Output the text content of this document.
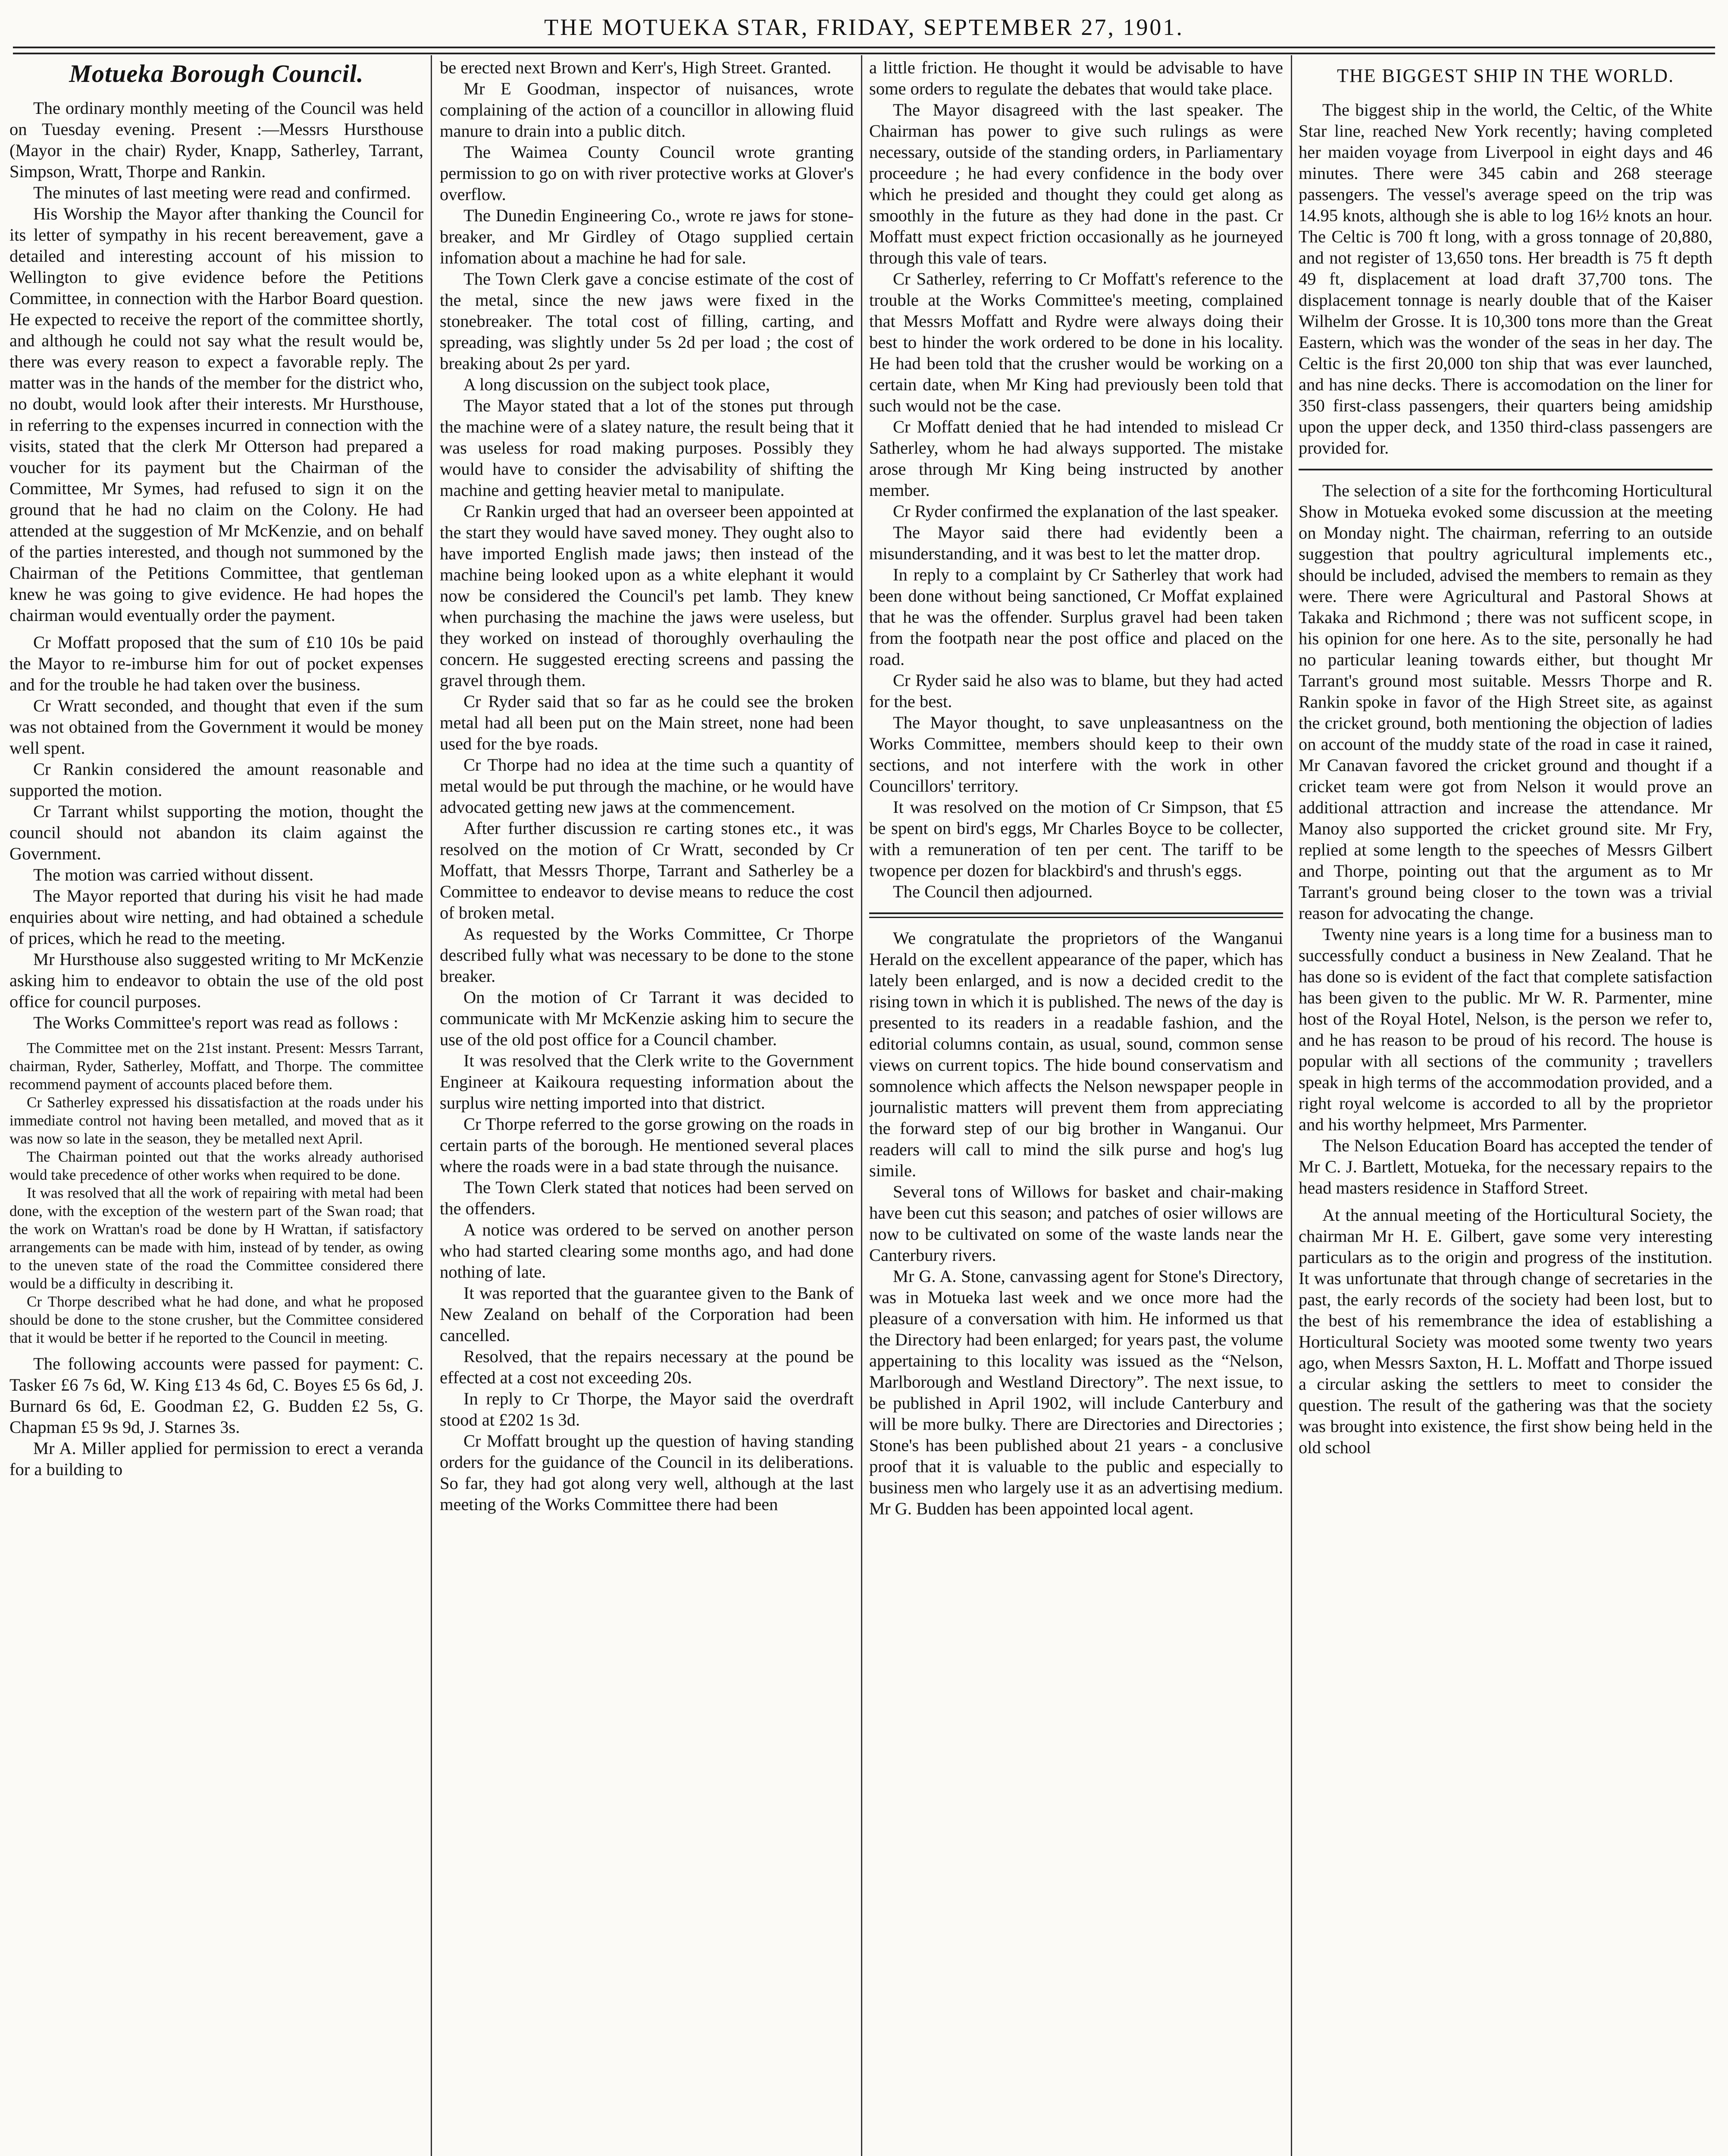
THE MOTUEKA STAR, FRIDAY, SEPTEMBER 27, 1901.
Motueka Borough Council.

The ordinary monthly meeting of the Council was held on Tuesday evening. Present :—Messrs Hursthouse (Mayor in the chair) Ryder, Knapp, Satherley, Tarrant, Simpson, Wratt, Thorpe and Rankin.

The minutes of last meeting were read and confirmed.

His Worship the Mayor after thanking the Council for its letter of sympathy in his recent bereavement, gave a detailed and interesting account of his mission to Wellington to give evidence before the Petitions Committee, in connection with the Harbor Board question. He expected to receive the report of the committee shortly, and although he could not say what the result would be, there was every reason to expect a favorable reply. The matter was in the hands of the member for the district who, no doubt, would look after their interests. Mr Hursthouse, in referring to the expenses incurred in connection with the visits, stated that the clerk Mr Otterson had prepared a voucher for its payment but the Chairman of the Committee, Mr Symes, had refused to sign it on the ground that he had no claim on the Colony. He had attended at the suggestion of Mr McKenzie, and on behalf of the parties interested, and though not summoned by the Chairman of the Petitions Committee, that gentleman knew he was going to give evidence. He had hopes the chairman would eventually order the payment.

Cr Moffatt proposed that the sum of £10 10s be paid the Mayor to re-imburse him for out of pocket expenses and for the trouble he had taken over the business.

Cr Wratt seconded, and thought that even if the sum was not obtained from the Government it would be money well spent.

Cr Rankin considered the amount reasonable and supported the motion.

Cr Tarrant whilst supporting the motion, thought the council should not abandon its claim against the Government.

The motion was carried without dissent.

The Mayor reported that during his visit he had made enquiries about wire netting, and had obtained a schedule of prices, which he read to the meeting.

Mr Hursthouse also suggested writing to Mr McKenzie asking him to endeavor to obtain the use of the old post office for council purposes.

The Works Committee's report was read as follows :

The Committee met on the 21st instant. Present: Messrs Tarrant, chairman, Ryder, Satherley, Moffatt, and Thorpe. The committee recommend payment of accounts placed before them.

Cr Satherley expressed his dissatisfaction at the roads under his immediate control not having been metalled, and moved that as it was now so late in the season, they be metalled next April.

The Chairman pointed out that the works already authorised would take precedence of other works when required to be done.

It was resolved that all the work of repairing with metal had been done, with the exception of the western part of the Swan road; that the work on Wrattan's road be done by H Wrattan, if satisfactory arrangements can be made with him, instead of by tender, as owing to the uneven state of the road the Committee considered there would be a difficulty in describing it.

Cr Thorpe described what he had done, and what he proposed should be done to the stone crusher, but the Committee considered that it would be better if he reported to the Council in meeting.

The following accounts were passed for payment: C. Tasker £6 7s 6d, W. King £13 4s 6d, C. Boyes £5 6s 6d, J. Burnard 6s 6d, E. Goodman £2, G. Budden £2 5s, G. Chapman £5 9s 9d, J. Starnes 3s.

Mr A. Miller applied for permission to erect a veranda for a building to

be erected next Brown and Kerr's, High Street. Granted.

Mr E Goodman, inspector of nuisances, wrote complaining of the action of a councillor in allowing fluid manure to drain into a public ditch.

The Waimea County Council wrote granting permission to go on with river protective works at Glover's overflow.

The Dunedin Engineering Co., wrote re jaws for stone-breaker, and Mr Girdley of Otago supplied certain infomation about a machine he had for sale.

The Town Clerk gave a concise estimate of the cost of the metal, since the new jaws were fixed in the stonebreaker. The total cost of filling, carting, and spreading, was slightly under 5s 2d per load ; the cost of breaking about 2s per yard.

A long discussion on the subject took place,

The Mayor stated that a lot of the stones put through the machine were of a slatey nature, the result being that it was useless for road making purposes. Possibly they would have to consider the advisability of shifting the machine and getting heavier metal to manipulate.

Cr Rankin urged that had an overseer been appointed at the start they would have saved money. They ought also to have imported English made jaws; then instead of the machine being looked upon as a white elephant it would now be considered the Council's pet lamb. They knew when purchasing the machine the jaws were useless, but they worked on instead of thoroughly overhauling the concern. He suggested erecting screens and passing the gravel through them.

Cr Ryder said that so far as he could see the broken metal had all been put on the Main street, none had been used for the bye roads.

Cr Thorpe had no idea at the time such a quantity of metal would be put through the machine, or he would have advocated getting new jaws at the commencement.

After further discussion re carting stones etc., it was resolved on the motion of Cr Wratt, seconded by Cr Moffatt, that Messrs Thorpe, Tarrant and Satherley be a Committee to endeavor to devise means to reduce the cost of broken metal.

As requested by the Works Committee, Cr Thorpe described fully what was necessary to be done to the stone breaker.

On the motion of Cr Tarrant it was decided to communicate with Mr McKenzie asking him to secure the use of the old post office for a Council chamber.

It was resolved that the Clerk write to the Government Engineer at Kaikoura requesting information about the surplus wire netting imported into that district.

Cr Thorpe referred to the gorse growing on the roads in certain parts of the borough. He mentioned several places where the roads were in a bad state through the nuisance.

The Town Clerk stated that notices had been served on the offenders.

A notice was ordered to be served on another person who had started clearing some months ago, and had done nothing of late.

It was reported that the guarantee given to the Bank of New Zealand on behalf of the Corporation had been cancelled.

Resolved, that the repairs necessary at the pound be effected at a cost not exceeding 20s.

In reply to Cr Thorpe, the Mayor said the overdraft stood at £202 1s 3d.

Cr Moffatt brought up the question of having standing orders for the guidance of the Council in its deliberations. So far, they had got along very well, although at the last meeting of the Works Committee there had been

a little friction. He thought it would be advisable to have some orders to regulate the debates that would take place.

The Mayor disagreed with the last speaker. The Chairman has power to give such rulings as were necessary, outside of the standing orders, in Parliamentary proceedure ; he had every confidence in the body over which he presided and thought they could get along as smoothly in the future as they had done in the past. Cr Moffatt must expect friction occasionally as he journeyed through this vale of tears.

Cr Satherley, referring to Cr Moffatt's reference to the trouble at the Works Committee's meeting, complained that Messrs Moffatt and Rydre were always doing their best to hinder the work ordered to be done in his locality. He had been told that the crusher would be working on a certain date, when Mr King had previously been told that such would not be the case.

Cr Moffatt denied that he had intended to mislead Cr Satherley, whom he had always supported. The mistake arose through Mr King being instructed by another member.

Cr Ryder confirmed the explanation of the last speaker.

The Mayor said there had evidently been a misunderstanding, and it was best to let the matter drop.

In reply to a complaint by Cr Satherley that work had been done without being sanctioned, Cr Moffat explained that he was the offender. Surplus gravel had been taken from the footpath near the post office and placed on the road.

Cr Ryder said he also was to blame, but they had acted for the best.

The Mayor thought, to save unpleasantness on the Works Committee, members should keep to their own sections, and not interfere with the work in other Councillors' territory.

It was resolved on the motion of Cr Simpson, that £5 be spent on bird's eggs, Mr Charles Boyce to be collecter, with a remuneration of ten per cent. The tariff to be twopence per dozen for blackbird's and thrush's eggs.

The Council then adjourned.

We congratulate the proprietors of the Wanganui Herald on the excellent appearance of the paper, which has lately been enlarged, and is now a decided credit to the rising town in which it is published. The news of the day is presented to its readers in a readable fashion, and the editorial columns contain, as usual, sound, common sense views on current topics. The hide bound conservatism and somnolence which affects the Nelson newspaper people in journalistic matters will prevent them from appreciating the forward step of our big brother in Wanganui. Our readers will call to mind the silk purse and hog's lug simile.

Several tons of Willows for basket and chair-making have been cut this season; and patches of osier willows are now to be cultivated on some of the waste lands near the Canterbury rivers.

Mr G. A. Stone, canvassing agent for Stone's Directory, was in Motueka last week and we once more had the pleasure of a conversation with him. He informed us that the Directory had been enlarged; for years past, the volume appertaining to this locality was issued as the “Nelson, Marlborough and Westland Directory”. The next issue, to be published in April 1902, will include Canterbury and will be more bulky. There are Directories and Directories ; Stone's has been published about 21 years - a conclusive proof that it is valuable to the public and especially to business men who largely use it as an advertising medium. Mr G. Budden has been appointed local agent.

THE BIGGEST SHIP IN THE WORLD.

The biggest ship in the world, the Celtic, of the White Star line, reached New York recently; having completed her maiden voyage from Liverpool in eight days and 46 minutes. There were 345 cabin and 268 steerage passengers. The vessel's average speed on the trip was 14.95 knots, although she is able to log 16½ knots an hour. The Celtic is 700 ft long, with a gross tonnage of 20,880, and not register of 13,650 tons. Her breadth is 75 ft depth 49 ft, displacement at load draft 37,700 tons. The displacement tonnage is nearly double that of the Kaiser Wilhelm der Grosse. It is 10,300 tons more than the Great Eastern, which was the wonder of the seas in her day. The Celtic is the first 20,000 ton ship that was ever launched, and has nine decks. There is accomodation on the liner for 350 first-class passengers, their quarters being amidship upon the upper deck, and 1350 third-class passengers are provided for.

The selection of a site for the forthcoming Horticultural Show in Motueka evoked some discussion at the meeting on Monday night. The chairman, referring to an outside suggestion that poultry agricultural implements etc., should be included, advised the members to remain as they were. There were Agricultural and Pastoral Shows at Takaka and Richmond ; there was not sufficent scope, in his opinion for one here. As to the site, personally he had no particular leaning towards either, but thought Mr Tarrant's ground most suitable. Messrs Thorpe and R. Rankin spoke in favor of the High Street site, as against the cricket ground, both mentioning the objection of ladies on account of the muddy state of the road in case it rained, Mr Canavan favored the cricket ground and thought if a cricket team were got from Nelson it would prove an additional attraction and increase the attendance. Mr Manoy also supported the cricket ground site. Mr Fry, replied at some length to the speeches of Messrs Gilbert and Thorpe, pointing out that the argument as to Mr Tarrant's ground being closer to the town was a trivial reason for advocating the change.

Twenty nine years is a long time for a business man to successfully conduct a business in New Zealand. That he has done so is evident of the fact that complete satisfaction has been given to the public. Mr W. R. Parmenter, mine host of the Royal Hotel, Nelson, is the person we refer to, and he has reason to be proud of his record. The house is popular with all sections of the community ; travellers speak in high terms of the accommodation provided, and a right royal welcome is accorded to all by the proprietor and his worthy helpmeet, Mrs Parmenter.

The Nelson Education Board has accepted the tender of Mr C. J. Bartlett, Motueka, for the necessary repairs to the head masters residence in Stafford Street.

At the annual meeting of the Horticultural Society, the chairman Mr H. E. Gilbert, gave some very interesting particulars as to the origin and progress of the institution. It was unfortunate that through change of secretaries in the past, the early records of the society had been lost, but to the best of his remembrance the idea of establishing a Horticultural Society was mooted some twenty two years ago, when Messrs Saxton, H. L. Moffatt and Thorpe issued a circular asking the settlers to meet to consider the question. The result of the gathering was that the society was brought into existence, the first show being held in the old school
